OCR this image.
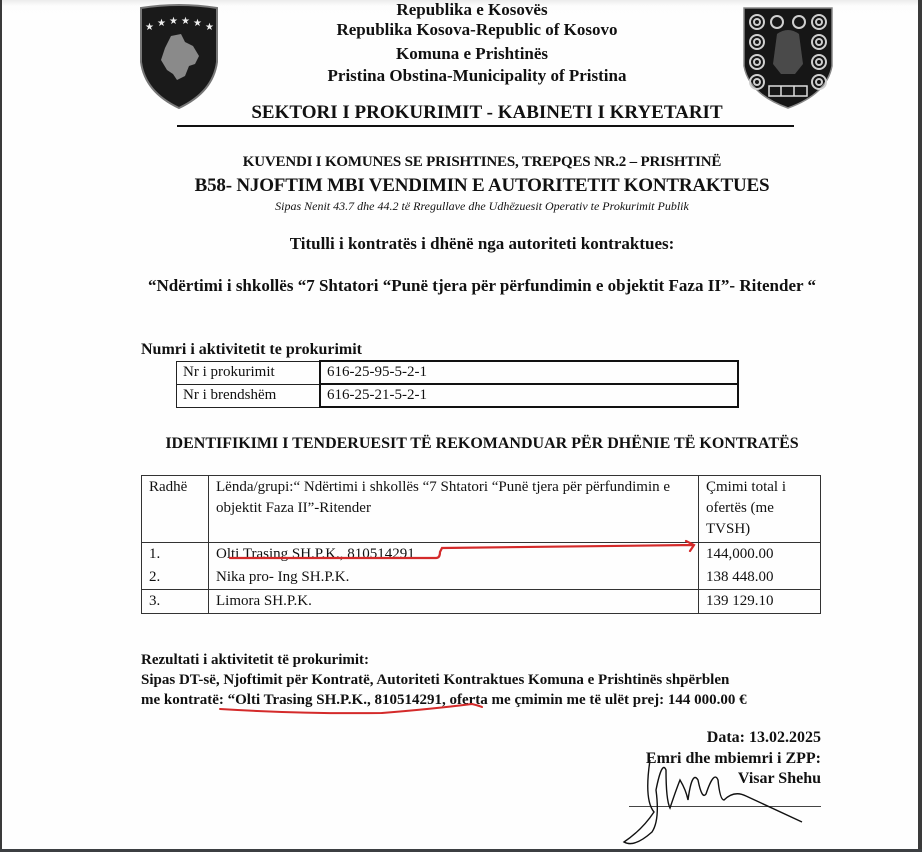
★ ★ ★ ★ ★ ★
Republika e Kosovës
Republika Kosova-Republic of Kosovo
Komuna e Prishtinës
Pristina Obstina-Municipality of Pristina
SEKTORI I PROKURIMIT - KABINETI I KRYETARIT
KUVENDI I KOMUNES SE PRISHTINES, TREPQES NR.2 – PRISHTINË
B58- NJOFTIM MBI VENDIMIN E AUTORITETIT KONTRAKTUES
Sipas Nenit 43.7 dhe 44.2 të Rregullave dhe Udhëzuesit Operativ te Prokurimit Publik
Titulli i kontratës i dhënë nga autoriteti kontraktues:
“Ndërtimi i shkollës “7 Shtatori “Punë tjera për përfundimin e objektit Faza II”- Ritender “
Numri i aktivitetit te prokurimit
Nr i prokurimit	616-25-95-5-2-1
Nr i brendshëm	616-25-21-5-2-1
IDENTIFIKIMI I TENDERUESIT TË REKOMANDUAR PËR DHËNIE TË KONTRATËS
Radhë	Lënda/grupi:“ Ndërtimi i shkollës “7 Shtatori “Punë tjera për përfundimin e objektit Faza II”-Ritender	Çmimi total i ofertës (me TVSH)
1.	Olti Trasing SH.P.K., 810514291	144,000.00
2.	Nika pro- Ing SH.P.K.	138 448.00
3.	Limora SH.P.K.	139 129.10
Rezultati i aktivitetit të prokurimit:
Sipas DT-së, Njoftimit për Kontratë, Autoriteti Kontraktues Komuna e Prishtinës shpërblen
me kontratë: “Olti Trasing SH.P.K., 810514291, oferta me çmimin me të ulët prej: 144 000.00 €
Data: 13.02.2025
Emri dhe mbiemri i ZPP:
Visar Shehu
